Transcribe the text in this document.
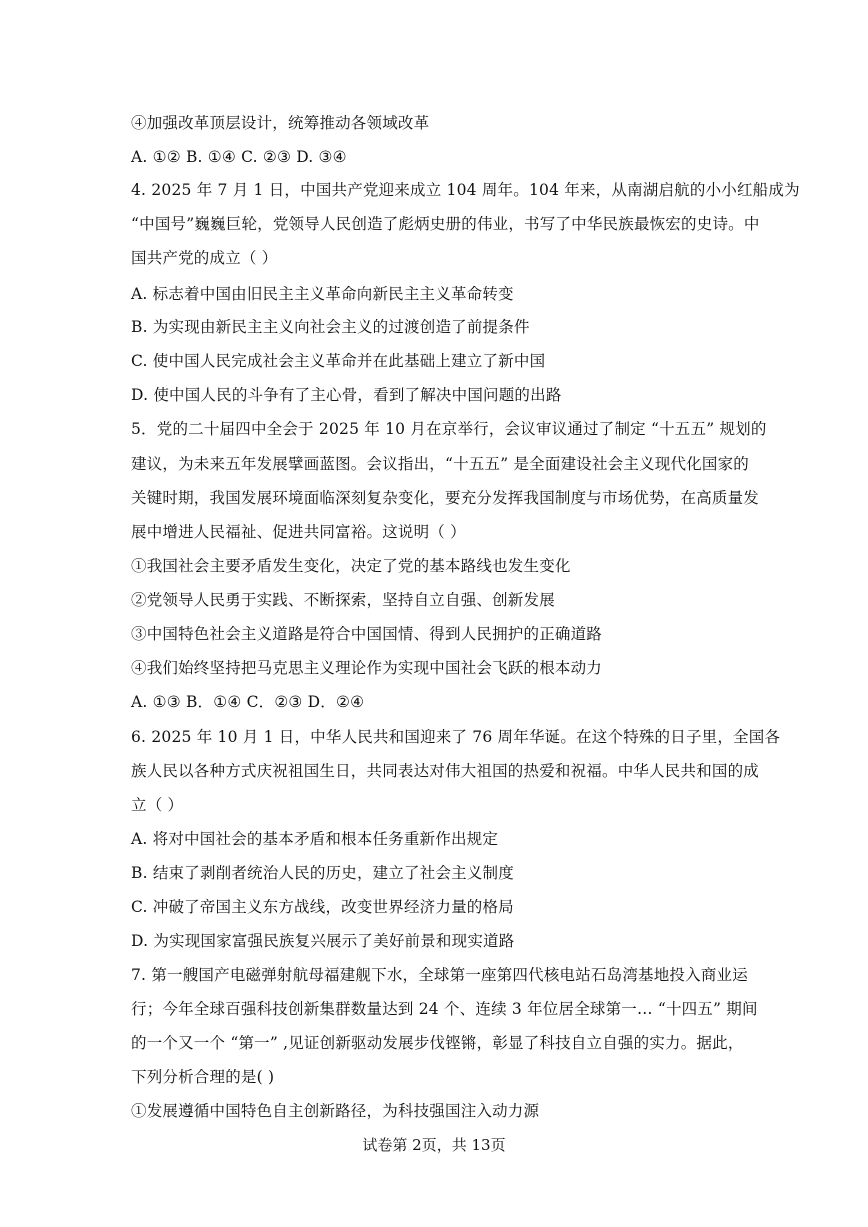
④加强改革顶层设计，统筹推动各领域改革
A. ①② B. ①④ C. ②③ D. ③④
4. 2025 年 7 月 1 日，中国共产党迎来成立 104 周年。104 年来，从南湖启航的小小红船成为
“中国号”巍巍巨轮，党领导人民创造了彪炳史册的伟业，书写了中华民族最恢宏的史诗。中
国共产党的成立（ ）
A. 标志着中国由旧民主主义革命向新民主主义革命转变
B. 为实现由新民主主义向社会主义的过渡创造了前提条件
C. 使中国人民完成社会主义革命并在此基础上建立了新中国
D. 使中国人民的斗争有了主心骨，看到了解决中国问题的出路
5．党的二十届四中全会于 2025 年 10 月在京举行，会议审议通过了制定 “十五五” 规划的
建议，为未来五年发展擘画蓝图。会议指出，“十五五” 是全面建设社会主义现代化国家的
关键时期，我国发展环境面临深刻复杂变化，要充分发挥我国制度与市场优势，在高质量发
展中增进人民福祉、促进共同富裕。这说明（ ）
①我国社会主要矛盾发生变化，决定了党的基本路线也发生变化
②党领导人民勇于实践、不断探索，坚持自立自强、创新发展
③中国特色社会主义道路是符合中国国情、得到人民拥护的正确道路
④我们始终坚持把马克思主义理论作为实现中国社会飞跃的根本动力
A. ①③ B．①④ C．②③ D．②④
6. 2025 年 10 月 1 日，中华人民共和国迎来了 76 周年华诞。在这个特殊的日子里，全国各
族人民以各种方式庆祝祖国生日，共同表达对伟大祖国的热爱和祝福。中华人民共和国的成
立（ ）
A. 将对中国社会的基本矛盾和根本任务重新作出规定
B. 结束了剥削者统治人民的历史，建立了社会主义制度
C. 冲破了帝国主义东方战线，改变世界经济力量的格局
D. 为实现国家富强民族复兴展示了美好前景和现实道路
7. 第一艘国产电磁弹射航母福建舰下水，全球第一座第四代核电站石岛湾基地投入商业运
行；今年全球百强科技创新集群数量达到 24 个、连续 3 年位居全球第一… “十四五” 期间
的一个又一个 “第一” ,见证创新驱动发展步伐铿锵，彰显了科技自立自强的实力。据此，
下列分析合理的是( )
①发展遵循中国特色自主创新路径，为科技强国注入动力源
试卷第 2页，共 13页
